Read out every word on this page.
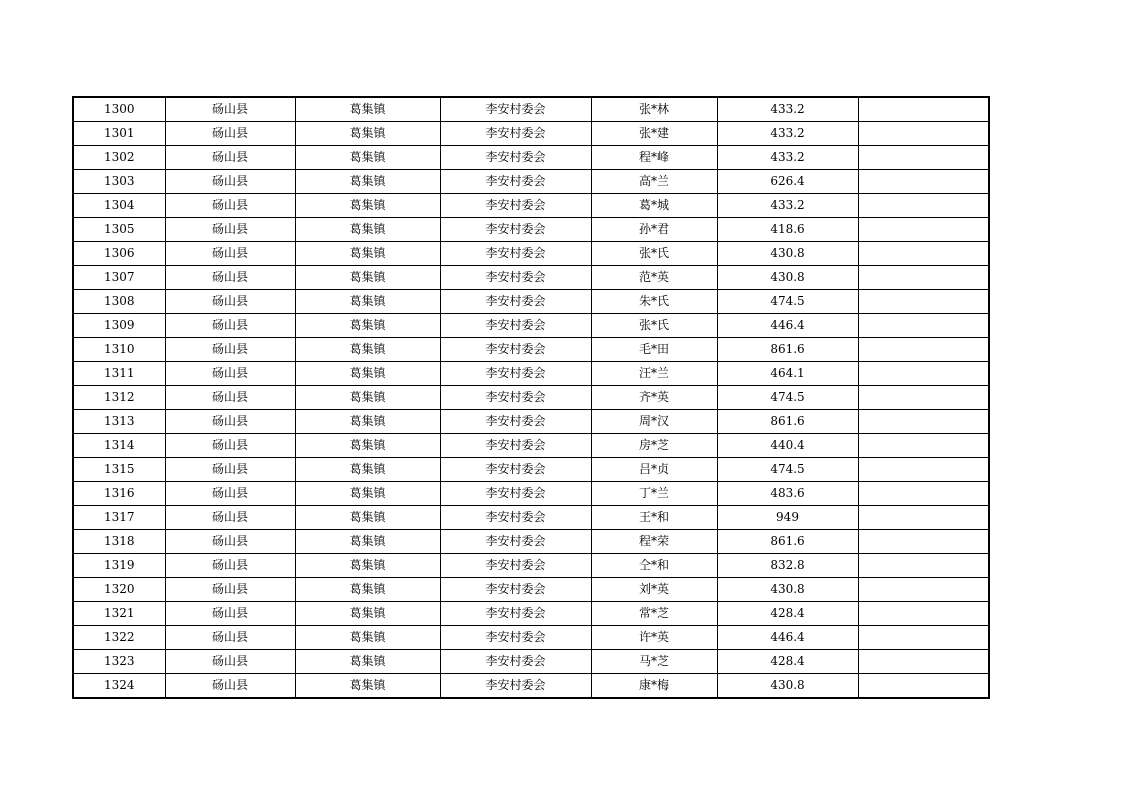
1300	砀山县	葛集镇	李安村委会	张*林	433.2	
1301	砀山县	葛集镇	李安村委会	张*建	433.2	
1302	砀山县	葛集镇	李安村委会	程*峰	433.2	
1303	砀山县	葛集镇	李安村委会	高*兰	626.4	
1304	砀山县	葛集镇	李安村委会	葛*城	433.2	
1305	砀山县	葛集镇	李安村委会	孙*君	418.6	
1306	砀山县	葛集镇	李安村委会	张*氏	430.8	
1307	砀山县	葛集镇	李安村委会	范*英	430.8	
1308	砀山县	葛集镇	李安村委会	朱*氏	474.5	
1309	砀山县	葛集镇	李安村委会	张*氏	446.4	
1310	砀山县	葛集镇	李安村委会	毛*田	861.6	
1311	砀山县	葛集镇	李安村委会	汪*兰	464.1	
1312	砀山县	葛集镇	李安村委会	齐*英	474.5	
1313	砀山县	葛集镇	李安村委会	周*汉	861.6	
1314	砀山县	葛集镇	李安村委会	房*芝	440.4	
1315	砀山县	葛集镇	李安村委会	吕*贞	474.5	
1316	砀山县	葛集镇	李安村委会	丁*兰	483.6	
1317	砀山县	葛集镇	李安村委会	王*和	949	
1318	砀山县	葛集镇	李安村委会	程*荣	861.6	
1319	砀山县	葛集镇	李安村委会	仝*和	832.8	
1320	砀山县	葛集镇	李安村委会	刘*英	430.8	
1321	砀山县	葛集镇	李安村委会	常*芝	428.4	
1322	砀山县	葛集镇	李安村委会	许*英	446.4	
1323	砀山县	葛集镇	李安村委会	马*芝	428.4	
1324	砀山县	葛集镇	李安村委会	康*梅	430.8	
